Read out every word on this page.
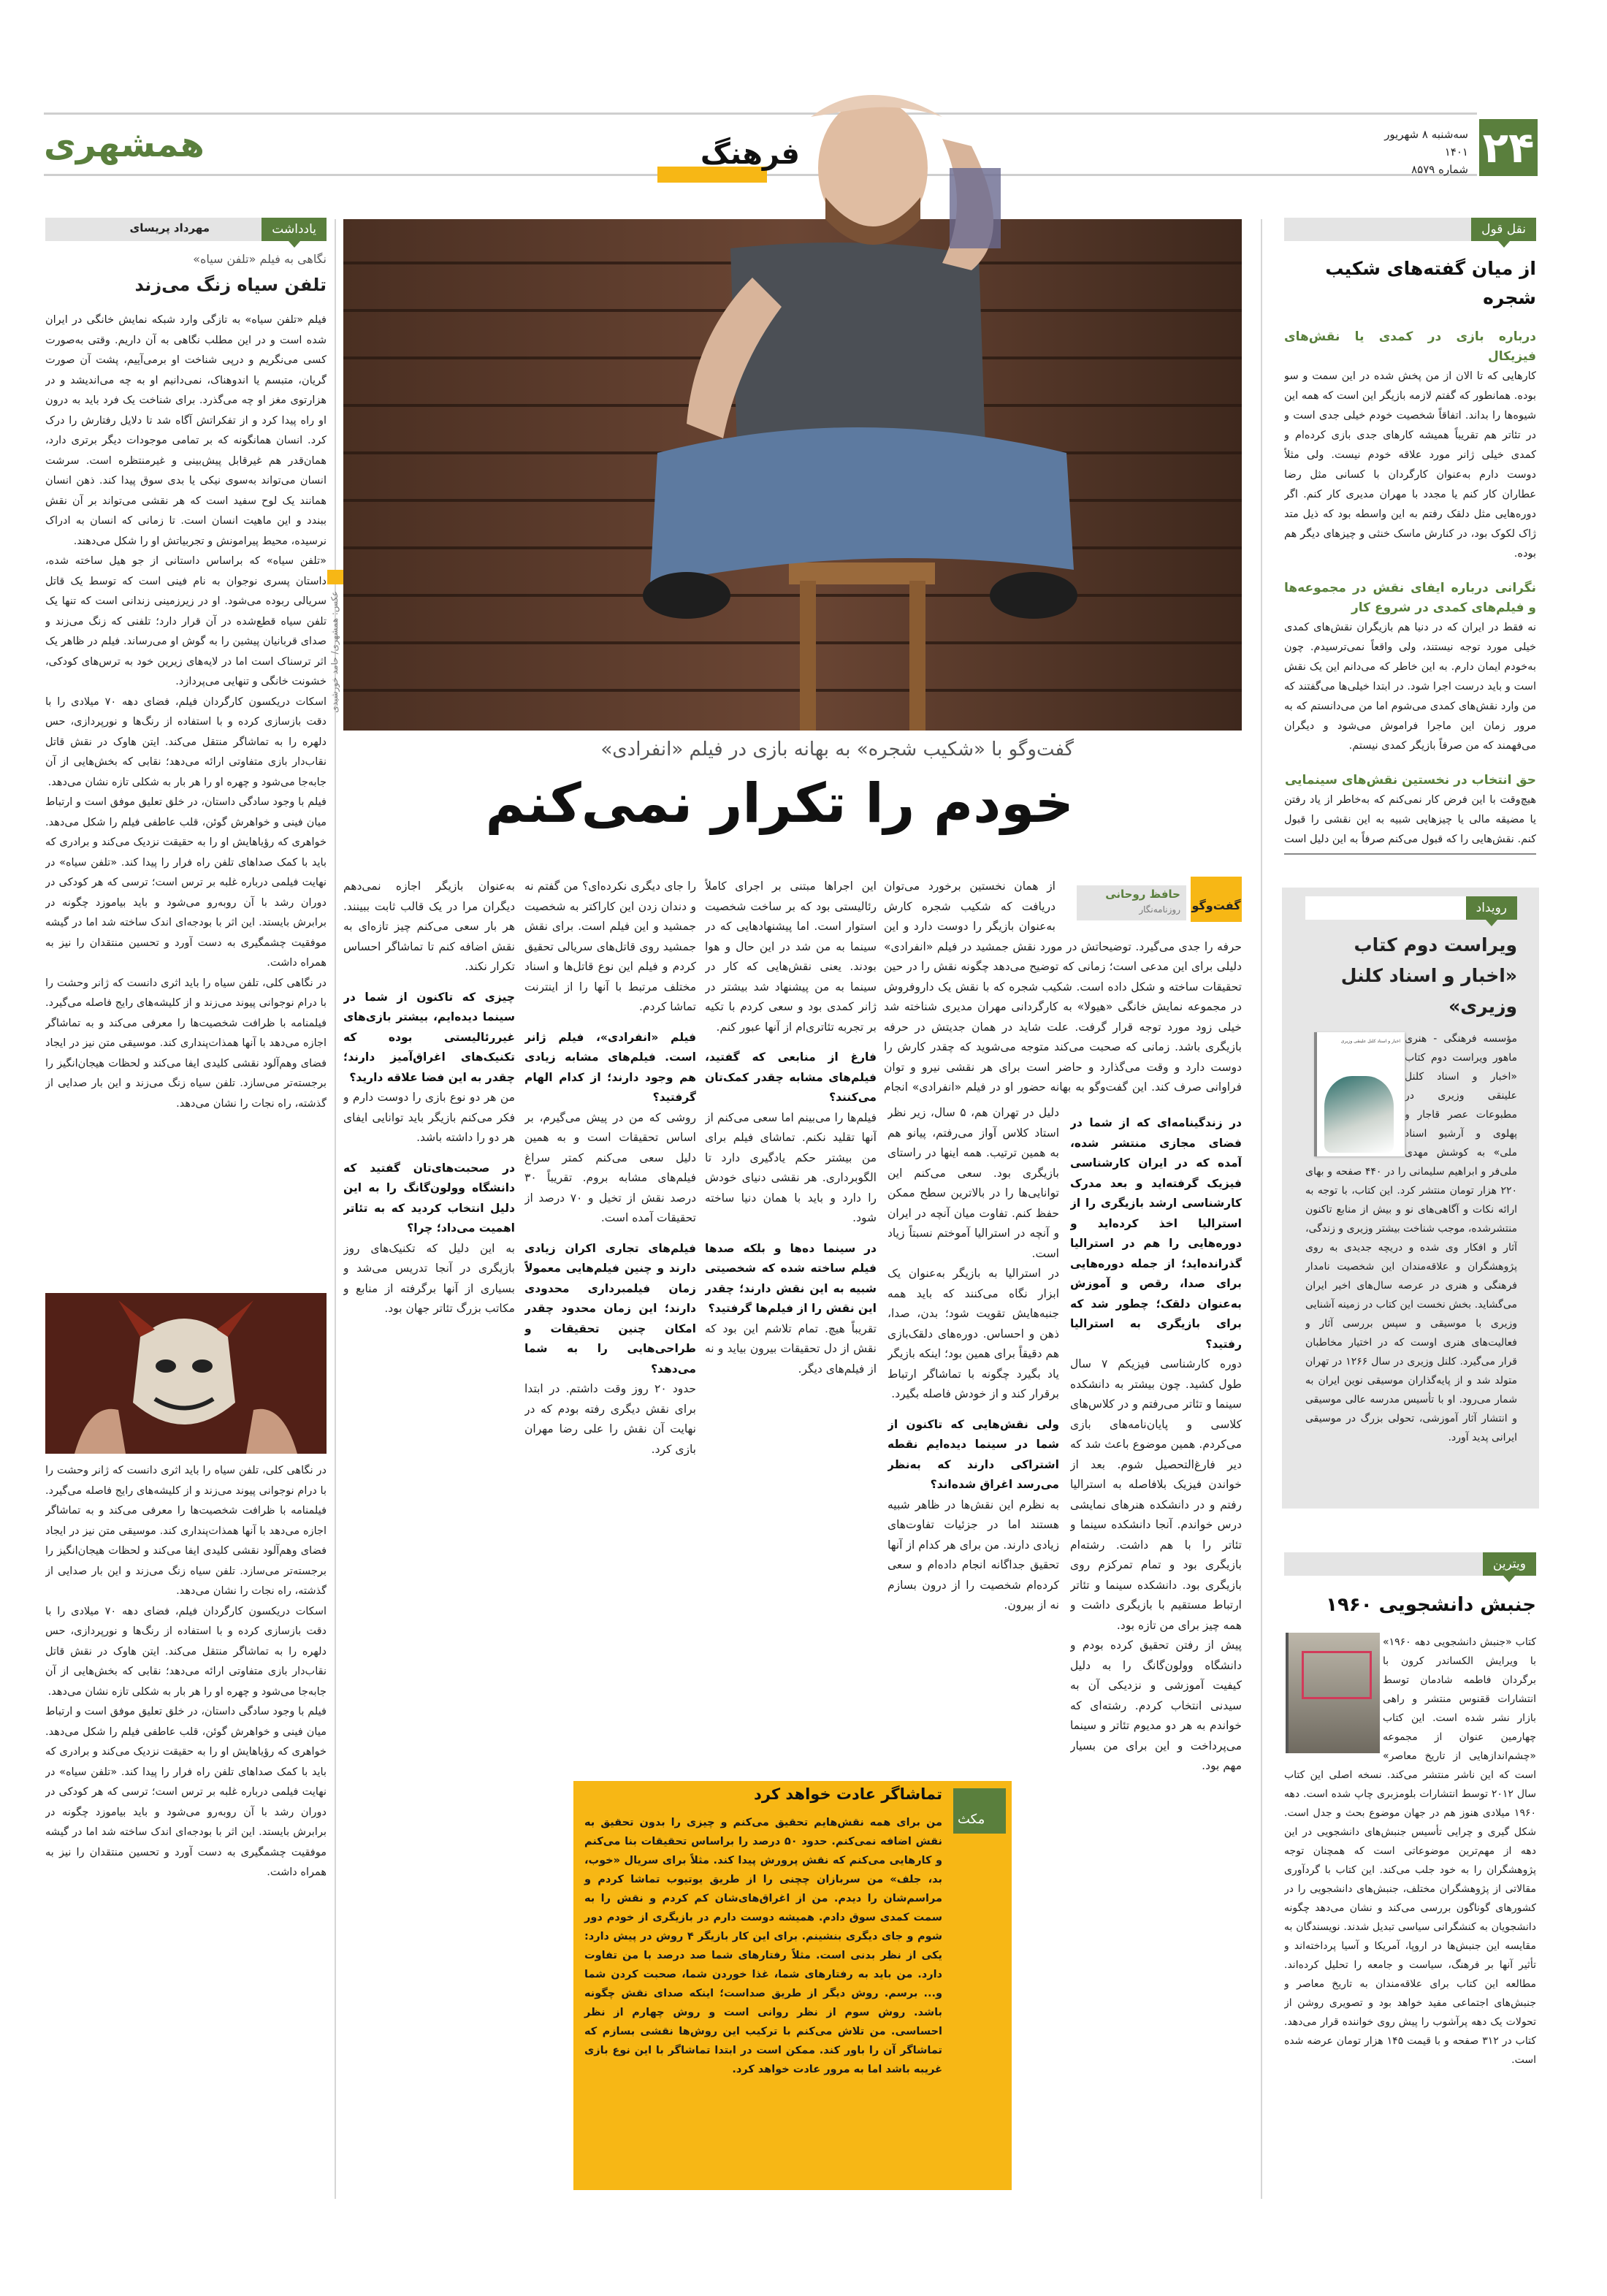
۲۴
سه‌شنبه ۸ شهریور ۱۴۰۱
شماره ۸۵۷۹
همشهری	فرهنگ
عکس: همشهری/ حامد خورشیدی
گفت‌وگو با «شکیب شجره» به بهانه بازی در فیلم «انفرادی»
خودم را تکرار نمی‌کنم
گفت‌وگو
حافظ روحانی
روزنامه‌نگار

از همان نخستین برخورد می‌توان دریافت که شکیب شجره کارش به‌عنوان بازیگر را دوست دارد و این حرفه را جدی می‌گیرد. توضیحاتش در مورد نقش جمشید در فیلم «انفرادی» دلیلی برای این مدعی است؛ زمانی که توضیح می‌دهد چگونه نقش را در حین تحقیقات ساخته و شکل داده است. شکیب شجره که با نقش یک داروفروش در مجموعه نمایش خانگی «هیولا» به کارگردانی مهران مدیری شناخته شد خیلی زود مورد توجه قرار گرفت. علت شاید در همان جدیتش در حرفه بازیگری باشد. زمانی که صحبت می‌کند متوجه می‌شوید که چقدر کارش را دوست دارد و وقت می‌گذارد و حاضر است برای هر نقشی نیرو و توان فراوانی صرف کند. این گفت‌وگو به بهانه حضور او در فیلم «انفرادی» انجام

در زندگینامه‌ای که از شما در فضای مجازی منتشر شده، آمده که در ایران کارشناسی فیزیک گرفته‌اید و بعد مدرک کارشناسی ارشد بازیگری را از استرالیا اخذ کرده‌اید و دوره‌هایی را هم در استرالیا گذرانده‌اید؛ از جمله دوره‌هایی برای صدا، رقص و آموزش به‌عنوان دلقک؛ چطور شد که برای بازیگری به استرالیا رفتید؟

دوره کارشناسی فیزیکم ۷ سال طول کشید. چون بیشتر به دانشکده سینما و تئاتر می‌رفتم و در کلاس‌های کلاسی و پایان‌نامه‌های بازی می‌کردم. همین موضوع باعث شد که دیر فارغ‌التحصیل شوم. بعد از خواندن فیزیک بلافاصله به استرالیا رفتم و در دانشکده هنرهای نمایشی درس خواندم. آنجا دانشکده سینما و تئاتر را با هم داشت. رشته‌ام بازیگری بود و تمام تمرکزم روی بازیگری بود. دانشکده سینما و تئاتر ارتباط مستقیم با بازیگری داشت و همه چیز برای من تازه بود.

پیش از رفتن تحقیق کرده بودم و دانشگاه وولون‌گانگ را به دلیل کیفیت آموزشی و نزدیکی آن به سیدنی انتخاب کردم. رشته‌ای که خواندم به هر دو مدیوم تئاتر و سینما می‌پرداخت و این برای من بسیار مهم بود.

دلیل در تهران هم، ۵ سال، زیر نظر استاد کلاس آواز می‌رفتم، پیانو هم به همین ترتیب. همه اینها در راستای بازیگری بود. سعی می‌کنم این توانایی‌ها را در بالاترین سطح ممکن حفظ کنم. تفاوت میان آنچه در ایران و آنچه در استرالیا آموختم نسبتاً زیاد است.

در استرالیا به بازیگر به‌عنوان یک ابزار نگاه می‌کنند که باید همه جنبه‌هایش تقویت شود؛ بدن، صدا، ذهن و احساس. دوره‌های دلقک‌بازی هم دقیقاً برای همین بود؛ اینکه بازیگر یاد بگیرد چگونه با تماشاگر ارتباط برقرار کند و از خودش فاصله بگیرد.

ولی نقش‌هایی که تاکنون از شما در سینما دیده‌ایم نقطه اشتراکی دارند که به‌نظر می‌رسد اغراق شده‌اند؟

به نظرم این نقش‌ها در ظاهر شبیه هستند اما در جزئیات تفاوت‌های زیادی دارند. من برای هر کدام از آنها تحقیق جداگانه انجام داده‌ام و سعی کرده‌ام شخصیت را از درون بسازم نه از بیرون.

این اجراها مبتنی بر اجرای کاملاً رئالیستی بود که بر ساخت شخصیت استوار است. اما پیشنهادهایی که در سینما به من شد در این حال و هوا بودند. یعنی نقش‌هایی که کار در سینما به من پیشنهاد شد بیشتر در ژانر کمدی بود و سعی کردم با تکیه بر تجربه تئاتری‌ام از آنها عبور کنم.

فارغ از منابعی که گفتید، فیلم‌های مشابه چقدر کمک‌تان می‌کنند؟

فیلم‌ها را می‌بینم اما سعی می‌کنم از آنها تقلید نکنم. تماشای فیلم برای من بیشتر حکم یادگیری دارد تا الگوبرداری. هر نقشی دنیای خودش را دارد و باید با همان دنیا ساخته شود.

در سینما ده‌ها و بلکه صدها فیلم ساخته شده که شخصیتی شبیه به این نقش دارند؛ چقدر این نقش را از فیلم‌ها گرفتید؟

تقریباً هیچ. تمام تلاشم این بود که نقش از دل تحقیقات بیرون بیاید و نه از فیلم‌های دیگر.

را جای دیگری نکرده‌ای؟ من گفتم نه و دندان زدن این کاراکتر به شخصیت جمشید و این فیلم است. برای نقش جمشید روی قاتل‌های سریالی تحقیق کردم و فیلم این نوع قاتل‌ها و اسناد مختلف مرتبط با آنها را از اینترنت تماشا کردم.

فیلم «انفرادی»، فیلم ژانر است. فیلم‌های مشابه زیادی هم وجود دارند؛ از کدام الهام گرفتید؟

روشی که من در پیش می‌گیرم، بر اساس تحقیقات است و به همین دلیل سعی می‌کنم کمتر سراغ فیلم‌های مشابه بروم. تقریباً ۳۰ درصد نقش از تخیل و ۷۰ درصد از تحقیقات آمده است.

فیلم‌های تجاری اکران زیادی دارند و چنین فیلم‌هایی معمولاً زمان فیلمبرداری محدودی دارند؛ این زمان محدود چقدر امکان چنین تحقیقات و طراحی‌هایی را به شما می‌دهد؟

حدود ۲۰ روز وقت داشتم. در ابتدا برای نقش دیگری رفته بودم که در نهایت آن نقش را علی رضا مهران بازی کرد.

به‌عنوان بازیگر اجازه نمی‌دهم دیگران مرا در یک قالب ثابت ببینند. هر بار سعی می‌کنم چیز تازه‌ای به نقش اضافه کنم تا تماشاگر احساس تکرار نکند.

چیزی که تاکنون از شما در سینما دیده‌ایم، بیشتر بازی‌های غیررئالیستی بوده که تکنیک‌های اغراق‌آمیز دارند؛ چقدر به این فضا علاقه دارید؟

من هر دو نوع بازی را دوست دارم و فکر می‌کنم بازیگر باید توانایی ایفای هر دو را داشته باشد.

در صحبت‌های‌تان گفتید که دانشگاه وولون‌گانگ را به این دلیل انتخاب کردید که به تئاتر اهمیت می‌داد؛ چرا؟

به این دلیل که تکنیک‌های روز بازیگری در آنجا تدریس می‌شد و بسیاری از آنها برگرفته از منابع و مکاتب بزرگ تئاتر جهان بود.

مکث
تماشاگر عادت خواهد کرد
من برای همه نقش‌هایم تحقیق می‌کنم و چیزی را بدون تحقیق به نقش اضافه نمی‌کنم. حدود ۵۰ درصد را براساس تحقیقات بنا می‌کنم و کارهایی می‌کنم که نقش پرورش پیدا کند. مثلاً برای سریال «خوب، بد، جلف» من سربازان چچنی را از طریق یوتیوب تماشا کردم و مراسم‌شان را دیدم. من از اغراق‌های‌شان کم کردم و نقش را به سمت کمدی سوق دادم. همیشه دوست دارم در بازیگری از خودم دور شوم و جای دیگری بنشینم. برای این کار بازیگر ۴ روش در پیش دارد: یکی از نظر بدنی است. مثلاً رفتارهای شما صد درصد با من تفاوت دارد. من باید به رفتارهای شما، غذا خوردن شما، صحبت کردن شما و... برسم. روش دیگر از طریق صداست؛ اینکه صدای نقش چگونه باشد. روش سوم از نظر روانی است و روش چهارم از نظر احساسی. من تلاش می‌کنم با ترکیب این روش‌ها نقشی بسازم که تماشاگر آن را باور کند. ممکن است در ابتدا تماشاگر با این نوع بازی غریبه باشد اما به مرور عادت خواهد کرد.
یادداشت
مهرداد پریسای
نگاهی به فیلم «تلفن سیاه»
تلفن سیاه زنگ می‌زند

فیلم «تلفن سیاه» به تازگی وارد شبکه نمایش خانگی در ایران شده است و در این مطلب نگاهی به آن داریم. وقتی به‌صورت کسی می‌نگریم و درپی شناخت او برمی‌آییم، پشت آن صورت گریان، متبسم یا اندوهناک، نمی‌دانیم او به چه می‌اندیشد و در هزارتوی مغز او چه می‌گذرد. برای شناخت یک فرد باید به درون او راه پیدا کرد و از تفکراتش آگاه شد تا دلایل رفتارش را درک کرد. انسان همانگونه که بر تمامی موجودات دیگر برتری دارد، همان‌قدر هم غیرقابل پیش‌بینی و غیرمنتظره است. سرشت انسان می‌تواند به‌سوی نیکی یا بدی سوق پیدا کند. ذهن انسان همانند یک لوح سفید است که هر نقشی می‌تواند بر آن نقش ببندد و این ماهیت انسان است. تا زمانی که انسان به ادراک نرسیده، محیط پیرامونش و تجربیاتش او را شکل می‌دهند.

«تلفن سیاه» که براساس داستانی از جو هیل ساخته شده، داستان پسری نوجوان به نام فینی است که توسط یک قاتل سریالی ربوده می‌شود. او در زیرزمینی زندانی است که تنها یک تلفن سیاه قطع‌شده در آن قرار دارد؛ تلفنی که زنگ می‌زند و صدای قربانیان پیشین را به گوش او می‌رساند. فیلم در ظاهر یک اثر ترسناک است اما در لایه‌های زیرین خود به ترس‌های کودکی، خشونت خانگی و تنهایی می‌پردازد.

اسکات دریکسون کارگردان فیلم، فضای دهه ۷۰ میلادی را با دقت بازسازی کرده و با استفاده از رنگ‌ها و نورپردازی، حس دلهره را به تماشاگر منتقل می‌کند. ایتن هاوک در نقش قاتل نقاب‌دار بازی متفاوتی ارائه می‌دهد؛ نقابی که بخش‌هایی از آن جابه‌جا می‌شود و چهره او را هر بار به شکلی تازه نشان می‌دهد.

فیلم با وجود سادگی داستان، در خلق تعلیق موفق است و ارتباط میان فینی و خواهرش گوئن، قلب عاطفی فیلم را شکل می‌دهد. خواهری که رؤیاهایش او را به حقیقت نزدیک می‌کند و برادری که باید با کمک صداهای تلفن راه فرار را پیدا کند. «تلفن سیاه» در نهایت فیلمی درباره غلبه بر ترس است؛ ترسی که هر کودکی در دوران رشد با آن روبه‌رو می‌شود و باید بیاموزد چگونه در برابرش بایستد. این اثر با بودجه‌ای اندک ساخته شد اما در گیشه موفقیت چشمگیری به دست آورد و تحسین منتقدان را نیز به همراه داشت.

در نگاهی کلی، تلفن سیاه را باید اثری دانست که ژانر وحشت را با درام نوجوانی پیوند می‌زند و از کلیشه‌های رایج فاصله می‌گیرد. فیلمنامه با ظرافت شخصیت‌ها را معرفی می‌کند و به تماشاگر اجازه می‌دهد با آنها همذات‌پنداری کند. موسیقی متن نیز در ایجاد فضای وهم‌آلود نقشی کلیدی ایفا می‌کند و لحظات هیجان‌انگیز را برجسته‌تر می‌سازد. تلفن سیاه زنگ می‌زند و این بار صدایی از گذشته، راه نجات را نشان می‌دهد.

در نگاهی کلی، تلفن سیاه را باید اثری دانست که ژانر وحشت را با درام نوجوانی پیوند می‌زند و از کلیشه‌های رایج فاصله می‌گیرد. فیلمنامه با ظرافت شخصیت‌ها را معرفی می‌کند و به تماشاگر اجازه می‌دهد با آنها همذات‌پنداری کند. موسیقی متن نیز در ایجاد فضای وهم‌آلود نقشی کلیدی ایفا می‌کند و لحظات هیجان‌انگیز را برجسته‌تر می‌سازد. تلفن سیاه زنگ می‌زند و این بار صدایی از گذشته، راه نجات را نشان می‌دهد.

اسکات دریکسون کارگردان فیلم، فضای دهه ۷۰ میلادی را با دقت بازسازی کرده و با استفاده از رنگ‌ها و نورپردازی، حس دلهره را به تماشاگر منتقل می‌کند. ایتن هاوک در نقش قاتل نقاب‌دار بازی متفاوتی ارائه می‌دهد؛ نقابی که بخش‌هایی از آن جابه‌جا می‌شود و چهره او را هر بار به شکلی تازه نشان می‌دهد.

فیلم با وجود سادگی داستان، در خلق تعلیق موفق است و ارتباط میان فینی و خواهرش گوئن، قلب عاطفی فیلم را شکل می‌دهد. خواهری که رؤیاهایش او را به حقیقت نزدیک می‌کند و برادری که باید با کمک صداهای تلفن راه فرار را پیدا کند. «تلفن سیاه» در نهایت فیلمی درباره غلبه بر ترس است؛ ترسی که هر کودکی در دوران رشد با آن روبه‌رو می‌شود و باید بیاموزد چگونه در برابرش بایستد. این اثر با بودجه‌ای اندک ساخته شد اما در گیشه موفقیت چشمگیری به دست آورد و تحسین منتقدان را نیز به همراه داشت.

نقل قول
از میان گفته‌های شکیب شجره

درباره بازی در کمدی یا نقش‌های فیزیکال

کارهایی که تا الان از من پخش شده در این سمت و سو بوده. همانطور که گفتم لازمه بازیگر این است که همه این شیوه‌ها را بداند. اتفاقاً شخصیت خودم خیلی جدی است و در تئاتر هم تقریباً همیشه کارهای جدی بازی کرده‌ام و کمدی خیلی ژانر مورد علاقه خودم نیست. ولی مثلاً دوست دارم به‌عنوان کارگردان با کسانی مثل رضا عطاران کار کنم یا مجدد با مهران مدیری کار کنم. اگر دوره‌هایی مثل دلقک رفتم به این واسطه بود که ذیل متد ژاک لکوک بود، در کنارش ماسک خنثی و چیزهای دیگر هم بوده.

نگرانی درباره ایفای نقش در مجموعه‌ها و فیلم‌های کمدی در شروع کار

نه فقط در ایران که در دنیا هم بازیگران نقش‌های کمدی خیلی مورد توجه نیستند، ولی واقعاً نمی‌ترسیدم. چون به‌خودم ایمان دارم. به این خاطر که می‌دانم این یک نقش است و باید درست اجرا شود. در ابتدا خیلی‌ها می‌گفتند که من وارد نقش‌های کمدی می‌شوم اما من می‌دانستم که به مرور زمان این ماجرا فراموش می‌شود و دیگران می‌فهمند که من صرفاً بازیگر کمدی نیستم.

حق انتخاب در نخستین نقش‌های سینمایی

هیچ‌وقت با این فرض کار نمی‌کنم که به‌خاطر از یاد رفتن یا مضیقه مالی یا چیزهایی شبیه به این نقشی را قبول کنم. نقش‌هایی را که قبول می‌کنم صرفاً به این دلیل است

رویداد
ویراست دوم کتاب «اخبار و اسناد کلنل وزیری»
اخبار و اسناد کلنل علینقی وزیری مؤسسه فرهنگی - هنری ماهور ویراست دوم کتاب «اخبار و اسناد کلنل علینقی وزیری در مطبوعات عصر قاجار و پهلوی و آرشیو اسناد ملی» به کوشش مهدی ملی‌فر و ابراهیم سلیمانی را در ۴۴۰ صفحه و بهای ۲۲۰ هزار تومان منتشر کرد. این کتاب، با توجه به ارائه نکات و آگاهی‌های نو و بیش از منابع تاکنون منتشرشده، موجب شناخت بیشتر وزیری و زندگی، آثار و افکار وی شده و دریچه جدیدی به روی پژوهشگران و علاقه‌مندان این شخصیت نامدار فرهنگی و هنری در عرصه سال‌های اخیر ایران می‌گشاید. بخش نخست این کتاب در زمینه آشنایی وزیری با موسیقی و سپس بررسی آثار و فعالیت‌های هنری اوست که در اختیار مخاطبان قرار می‌گیرد. کلنل وزیری در سال ۱۲۶۶ در تهران متولد شد و از پایه‌گذاران موسیقی نوین ایران به شمار می‌رود. او با تأسیس مدرسه عالی موسیقی و انتشار آثار آموزشی، تحولی بزرگ در موسیقی ایرانی پدید آورد.

ویترین
جنبش دانشجویی ۱۹۶۰

کتاب «جنبش دانشجویی دهه ۱۹۶۰» با ویرایش الکساندر کرون با برگردان فاطمه شادمان توسط انتشارات ققنوس منتشر و راهی بازار نشر شده است. این کتاب چهارمین عنوان از مجموعه «چشم‌اندازهایی از تاریخ معاصر» است که این ناشر منتشر می‌کند. نسخه اصلی این کتاب سال ۲۰۱۲ توسط انتشارات بلومزبری چاپ شده است. دهه ۱۹۶۰ میلادی هنوز هم در جهان موضوع بحث و جدل است. شکل گیری و چرایی تأسیس جنبش‌های دانشجویی در این دهه از مهم‌ترین موضوعاتی است که همچنان توجه پژوهشگران را به خود جلب می‌کند. این کتاب با گردآوری مقالاتی از پژوهشگران مختلف، جنبش‌های دانشجویی را در کشورهای گوناگون بررسی می‌کند و نشان می‌دهد چگونه دانشجویان به کنشگرانی سیاسی تبدیل شدند. نویسندگان به مقایسه این جنبش‌ها در اروپا، آمریکا و آسیا پرداخته‌اند و تأثیر آنها بر فرهنگ، سیاست و جامعه را تحلیل کرده‌اند. مطالعه این کتاب برای علاقه‌مندان به تاریخ معاصر و جنبش‌های اجتماعی مفید خواهد بود و تصویری روشن از تحولات یک دهه پرآشوب را پیش روی خواننده قرار می‌دهد. کتاب در ۳۱۲ صفحه و با قیمت ۱۴۵ هزار تومان عرضه شده است.
